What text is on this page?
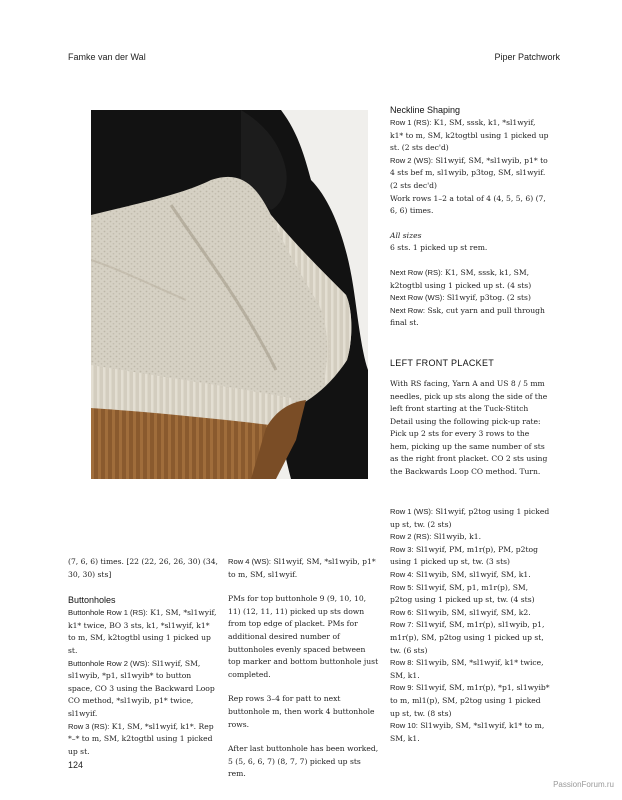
Famke van der Wal	Piper Patchwork

(7, 6, 6) times. [22 (22, 26, 26, 30) (34, 30, 30) sts]

Buttonholes

Buttonhole Row 1 (RS): K1, SM, *sl1wyif, k1* twice, BO 3 sts, k1, *sl1wyif, k1* to m, SM, k2togtbl using 1 picked up st.

Buttonhole Row 2 (WS): Sl1wyif, SM, sl1wyib, *p1, sl1wyib* to button space, CO 3 using the Backward Loop CO method, *sl1wyib, p1* twice, sl1wyif.

Row 3 (RS): K1, SM, *sl1wyif, k1*. Rep *–* to m, SM, k2togtbl using 1 picked up st.

Row 4 (WS): Sl1wyif, SM, *sl1wyib, p1* to m, SM, sl1wyif.

PMs for top buttonhole 9 (9, 10, 10, 11) (12, 11, 11) picked up sts down from top edge of placket. PMs for additional desired number of buttonholes evenly spaced between top marker and bottom buttonhole just completed.

Rep rows 3–4 for patt to next buttonhole m, then work 4 buttonhole rows.

After last buttonhole has been worked, 5 (5, 6, 6, 7) (8, 7, 7) picked up sts rem.

Neckline Shaping

Row 1 (RS): K1, SM, sssk, k1, *sl1wyif, k1* to m, SM, k2togtbl using 1 picked up st. (2 sts dec'd)

Row 2 (WS): Sl1wyif, SM, *sl1wyib, p1* to 4 sts bef m, sl1wyib, p3tog, SM, sl1wyif. (2 sts dec'd)

Work rows 1–2 a total of 4 (4, 5, 5, 6) (7, 6, 6) times.

All sizes

6 sts. 1 picked up st rem.

Next Row (RS): K1, SM, sssk, k1, SM, k2togtbl using 1 picked up st. (4 sts)

Next Row (WS): Sl1wyif, p3tog. (2 sts)

Next Row: Ssk, cut yarn and pull through final st.

LEFT FRONT PLACKET

With RS facing, Yarn A and US 8 / 5 mm needles, pick up sts along the side of the left front starting at the Tuck-Stitch Detail using the following pick-up rate: Pick up 2 sts for every 3 rows to the hem, picking up the same number of sts as the right front placket. CO 2 sts using the Backwards Loop CO method. Turn.

Row 1 (WS): Sl1wyif, p2tog using 1 picked up st, tw. (2 sts)

Row 2 (RS): Sl1wyib, k1.

Row 3: Sl1wyif, PM, m1r(p), PM, p2tog using 1 picked up st, tw. (3 sts)

Row 4: Sl1wyib, SM, sl1wyif, SM, k1.

Row 5: Sl1wyif, SM, p1, m1r(p), SM, p2tog using 1 picked up st, tw. (4 sts)

Row 6: Sl1wyib, SM, sl1wyif, SM, k2.

Row 7: Sl1wyif, SM, m1r(p), sl1wyib, p1, m1r(p), SM, p2tog using 1 picked up st, tw. (6 sts)

Row 8: Sl1wyib, SM, *sl1wyif, k1* twice, SM, k1.

Row 9: Sl1wyif, SM, m1r(p), *p1, sl1wyib* to m, ml1(p), SM, p2tog using 1 picked up st, tw. (8 sts)

Row 10: Sl1wyib, SM, *sl1wyif, k1* to m, SM, k1.

124
PassionForum.ru
